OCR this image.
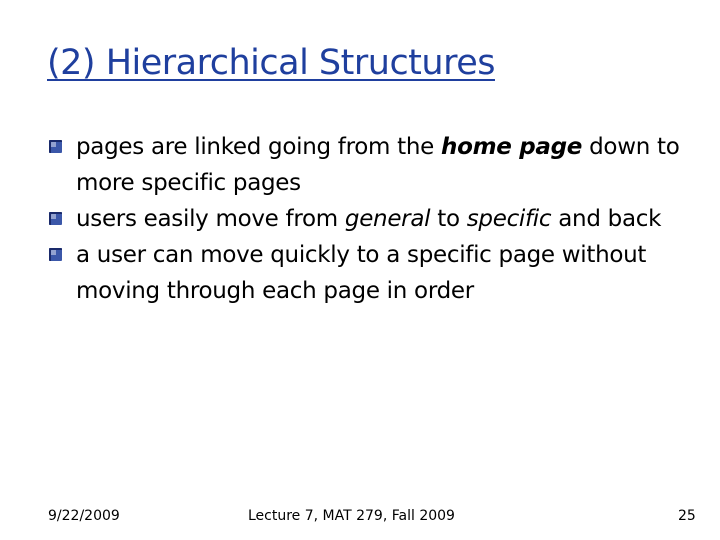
(2) Hierarchical Structures
pages are linked going from the home page down to more specific pages
users easily move from general to specific and back
a user can move quickly to a specific page without moving through each page in order
9/22/2009	Lecture 7, MAT 279, Fall 2009	25
